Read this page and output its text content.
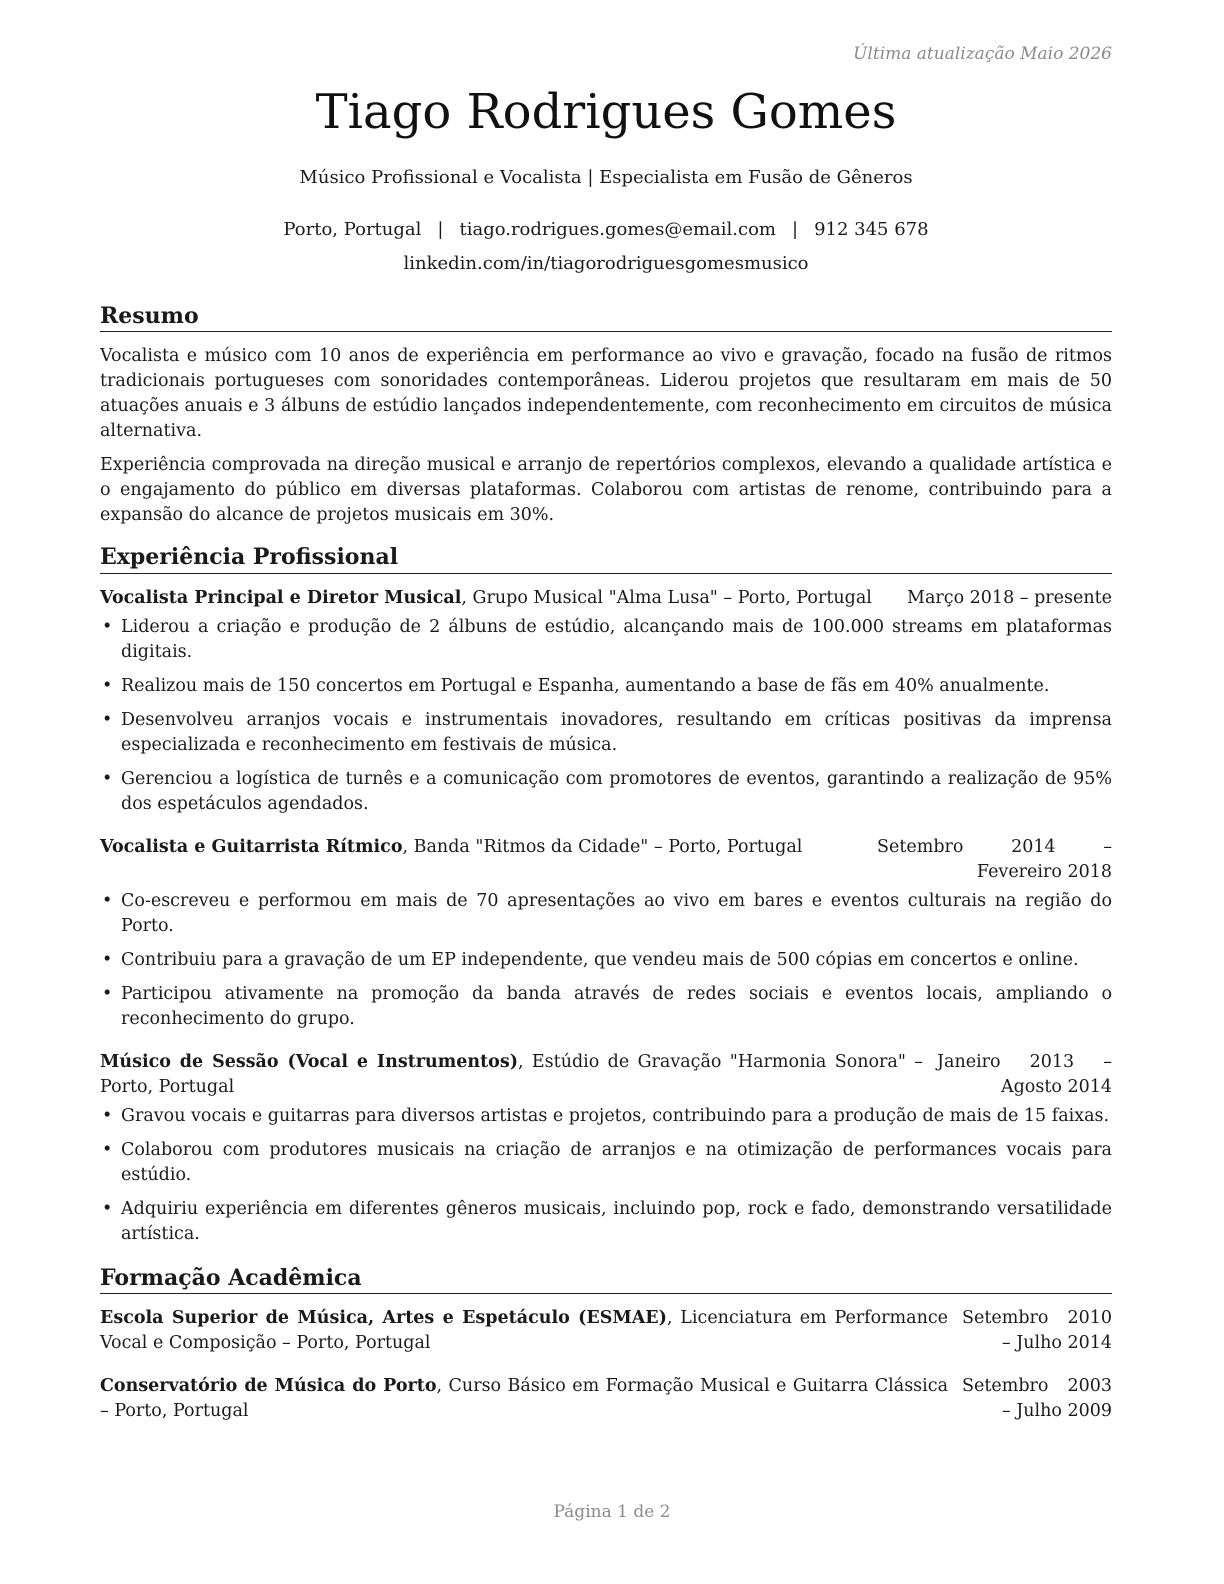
Última atualização Maio 2026
Tiago Rodrigues Gomes
Músico Profissional e Vocalista | Especialista em Fusão de Gêneros
Porto, Portugal | tiago.rodrigues.gomes@email.com | 912 345 678
linkedin.com/in/tiagorodriguesgomesmusico
Resumo

Vocalista e músico com 10 anos de experiência em performance ao vivo e gravação, focado na fusão de ritmos tradicionais portugueses com sonoridades contemporâneas. Liderou projetos que resultaram em mais de 50 atuações anuais e 3 álbuns de estúdio lançados independentemente, com reconhecimento em circuitos de música alternativa.

Experiência comprovada na direção musical e arranjo de repertórios complexos, elevando a qualidade artística e o engajamento do público em diversas plataformas. Colaborou com artistas de renome, contribuindo para a expansão do alcance de projetos musicais em 30%.

Experiência Profissional
Vocalista Principal e Diretor Musical, Grupo Musical "Alma Lusa" – Porto, Portugal	Março 2018 – presente
• Liderou a criação e produção de 2 álbuns de estúdio, alcançando mais de 100.000 streams em plataformas digitais.
• Realizou mais de 150 concertos em Portugal e Espanha, aumentando a base de fãs em 40% anualmente.
• Desenvolveu arranjos vocais e instrumentais inovadores, resultando em críticas positivas da imprensa especializada e reconhecimento em festivais de música.
• Gerenciou a logística de turnês e a comunicação com promotores de eventos, garantindo a realização de 95% dos espetáculos agendados.
Vocalista e Guitarrista Rítmico, Banda "Ritmos da Cidade" – Porto, Portugal	Setembro 2014 – Fevereiro 2018
• Co-escreveu e performou em mais de 70 apresentações ao vivo em bares e eventos culturais na região do Porto.
• Contribuiu para a gravação de um EP independente, que vendeu mais de 500 cópias em concertos e online.
• Participou ativamente na promoção da banda através de redes sociais e eventos locais, ampliando o reconhecimento do grupo.
Músico de Sessão (Vocal e Instrumentos), Estúdio de Gravação "Harmonia Sonora" – Porto, Portugal
Janeiro 2013 – Agosto 2014
• Gravou vocais e guitarras para diversos artistas e projetos, contribuindo para a produção de mais de 15 faixas.
• Colaborou com produtores musicais na criação de arranjos e na otimização de performances vocais para estúdio.
• Adquiriu experiência em diferentes gêneros musicais, incluindo pop, rock e fado, demonstrando versatilidade artística.
Formação Acadêmica
Escola Superior de Música, Artes e Espetáculo (ESMAE), Licenciatura em Performance Vocal e Composição – Porto, Portugal
Setembro 2010 – Julho 2014
Conservatório de Música do Porto, Curso Básico em Formação Musical e Guitarra Clássica – Porto, Portugal
Setembro 2003 – Julho 2009
Página 1 de 2
